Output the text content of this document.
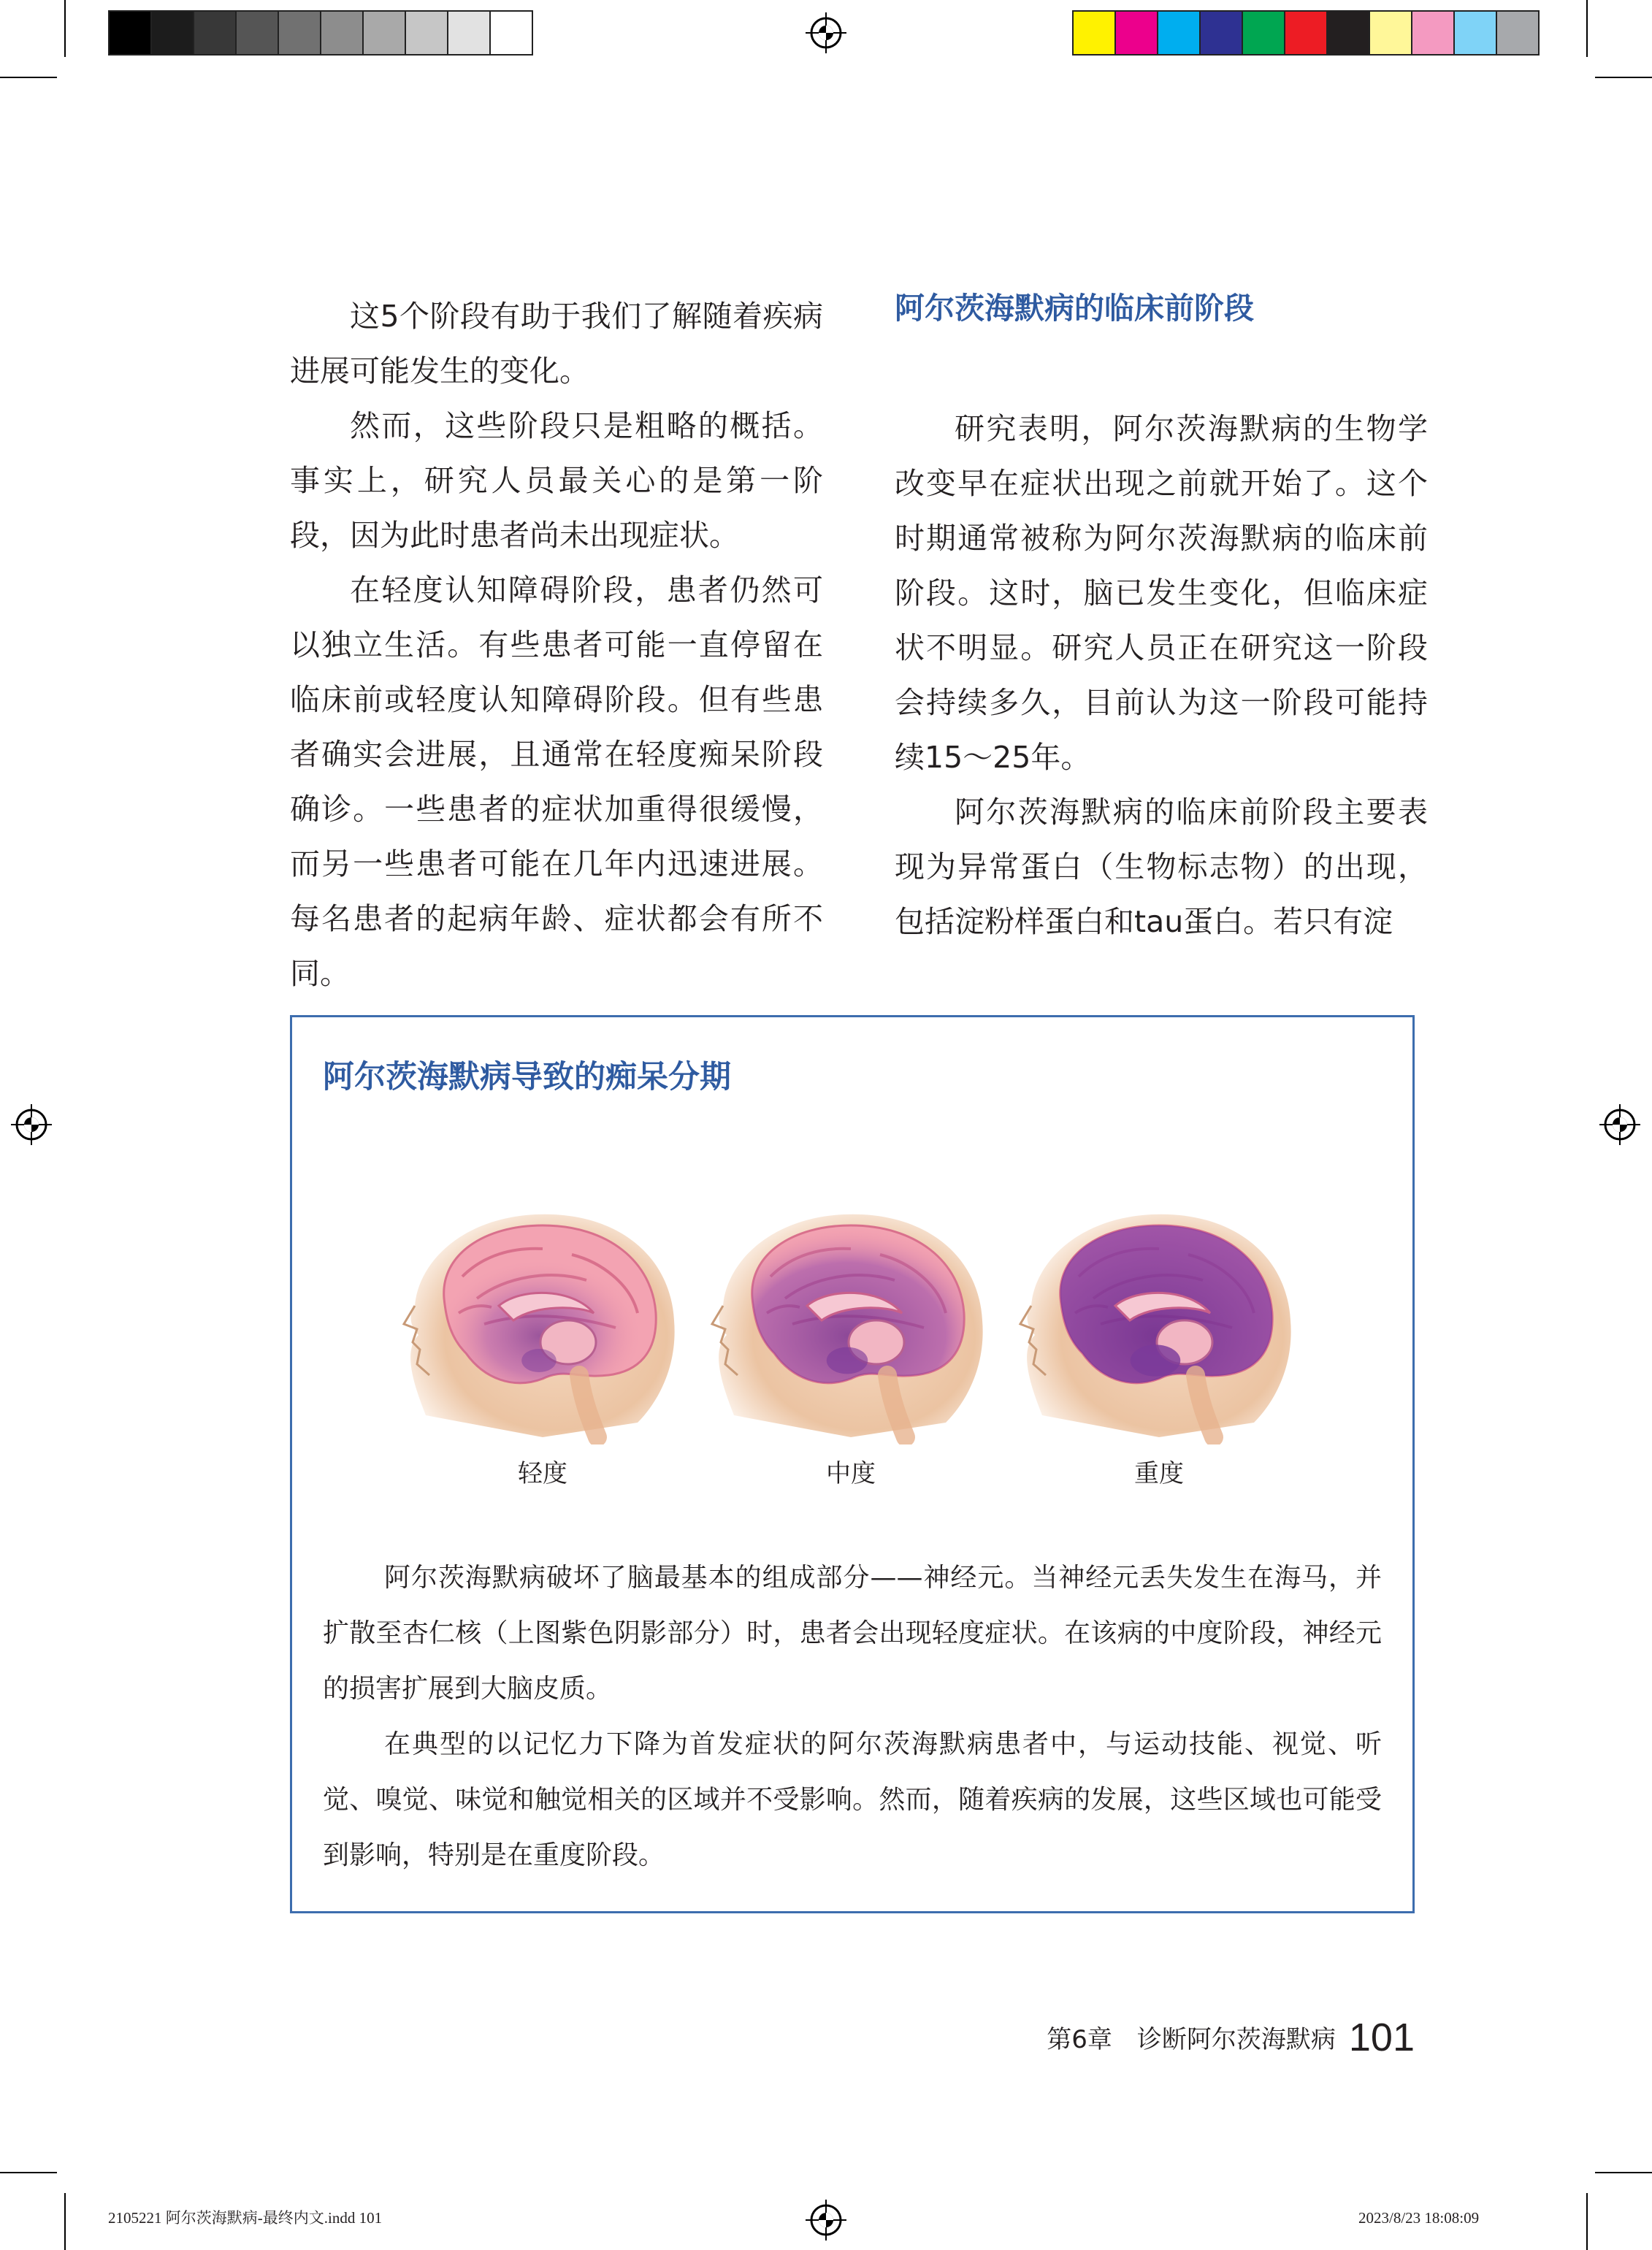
这5个阶段有助于我们了解随着疾病进展可能发生的变化。

然而，这些阶段只是粗略的概括。事实上，研究人员最关心的是第一阶段，因为此时患者尚未出现症状。

在轻度认知障碍阶段，患者仍然可以独立生活。有些患者可能一直停留在临床前或轻度认知障碍阶段。但有些患者确实会进展，且通常在轻度痴呆阶段确诊。一些患者的症状加重得很缓慢，而另一些患者可能在几年内迅速进展。每名患者的起病年龄、症状都会有所不同。

阿尔茨海默病的临床前阶段

研究表明，阿尔茨海默病的生物学改变早在症状出现之前就开始了。这个时期通常被称为阿尔茨海默病的临床前阶段。这时，脑已发生变化，但临床症状不明显。研究人员正在研究这一阶段会持续多久，目前认为这一阶段可能持续15～25年。

阿尔茨海默病的临床前阶段主要表现为异常蛋白（生物标志物）的出现，包括淀粉样蛋白和tau蛋白。若只有淀

阿尔茨海默病导致的痴呆分期
轻度	中度	重度

阿尔茨海默病破坏了脑最基本的组成部分——神经元。当神经元丢失发生在海马，并扩散至杏仁核（上图紫色阴影部分）时，患者会出现轻度症状。在该病的中度阶段，神经元的损害扩展到大脑皮质。

在典型的以记忆力下降为首发症状的阿尔茨海默病患者中，与运动技能、视觉、听觉、嗅觉、味觉和触觉相关的区域并不受影响。然而，随着疾病的发展，这些区域也可能受到影响，特别是在重度阶段。

第6章　诊断阿尔茨海默病 101
2105221 阿尔茨海默病-最终内文.indd 101	2023/8/23 18:08:09
